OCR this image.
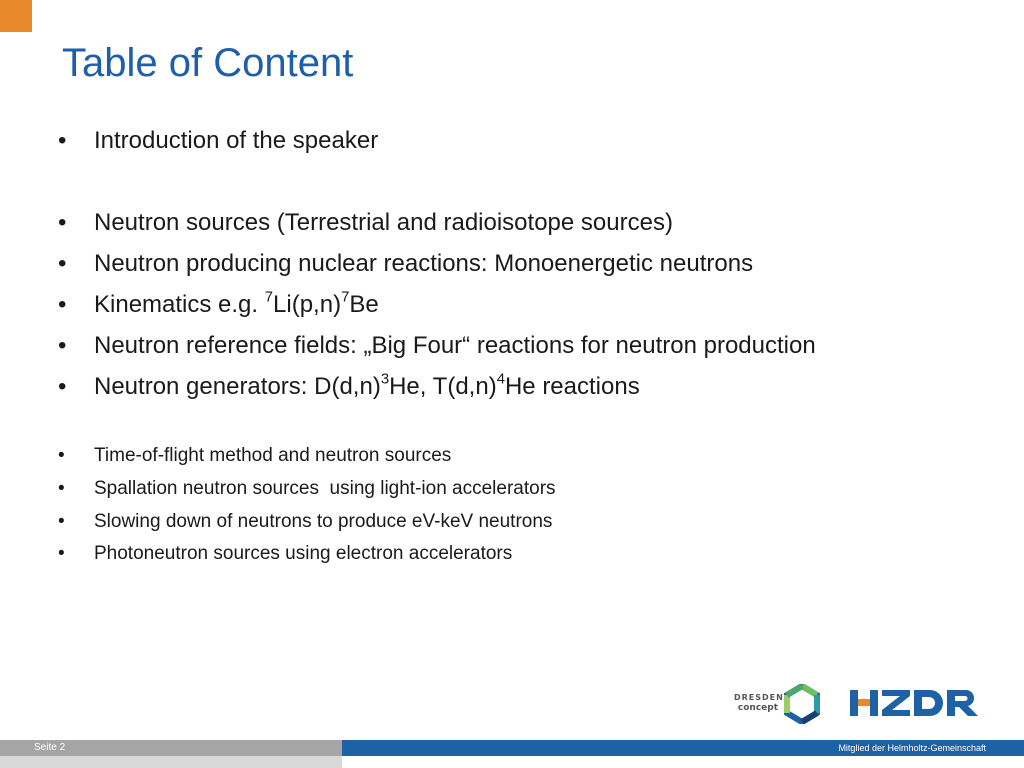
Table of Content
• Introduction of the speaker
• Neutron sources (Terrestrial and radioisotope sources)
• Neutron producing nuclear reactions: Monoenergetic neutrons
• Kinematics e.g. $^7Li(p,n)^7Be$
• Neutron reference fields: „Big Four“ reactions for neutron production
• Neutron generators: $D(d,n)^3He$, $T(d,n)^4He$ reactions
• Time-of-flight method and neutron sources
• Spallation neutron sources  using light-ion accelerators
• Slowing down of neutrons to produce eV-keV neutrons
• Photoneutron sources using electron accelerators
DRESDEN
concept
Seite 2	Mitglied der Helmholtz-Gemeinschaft
